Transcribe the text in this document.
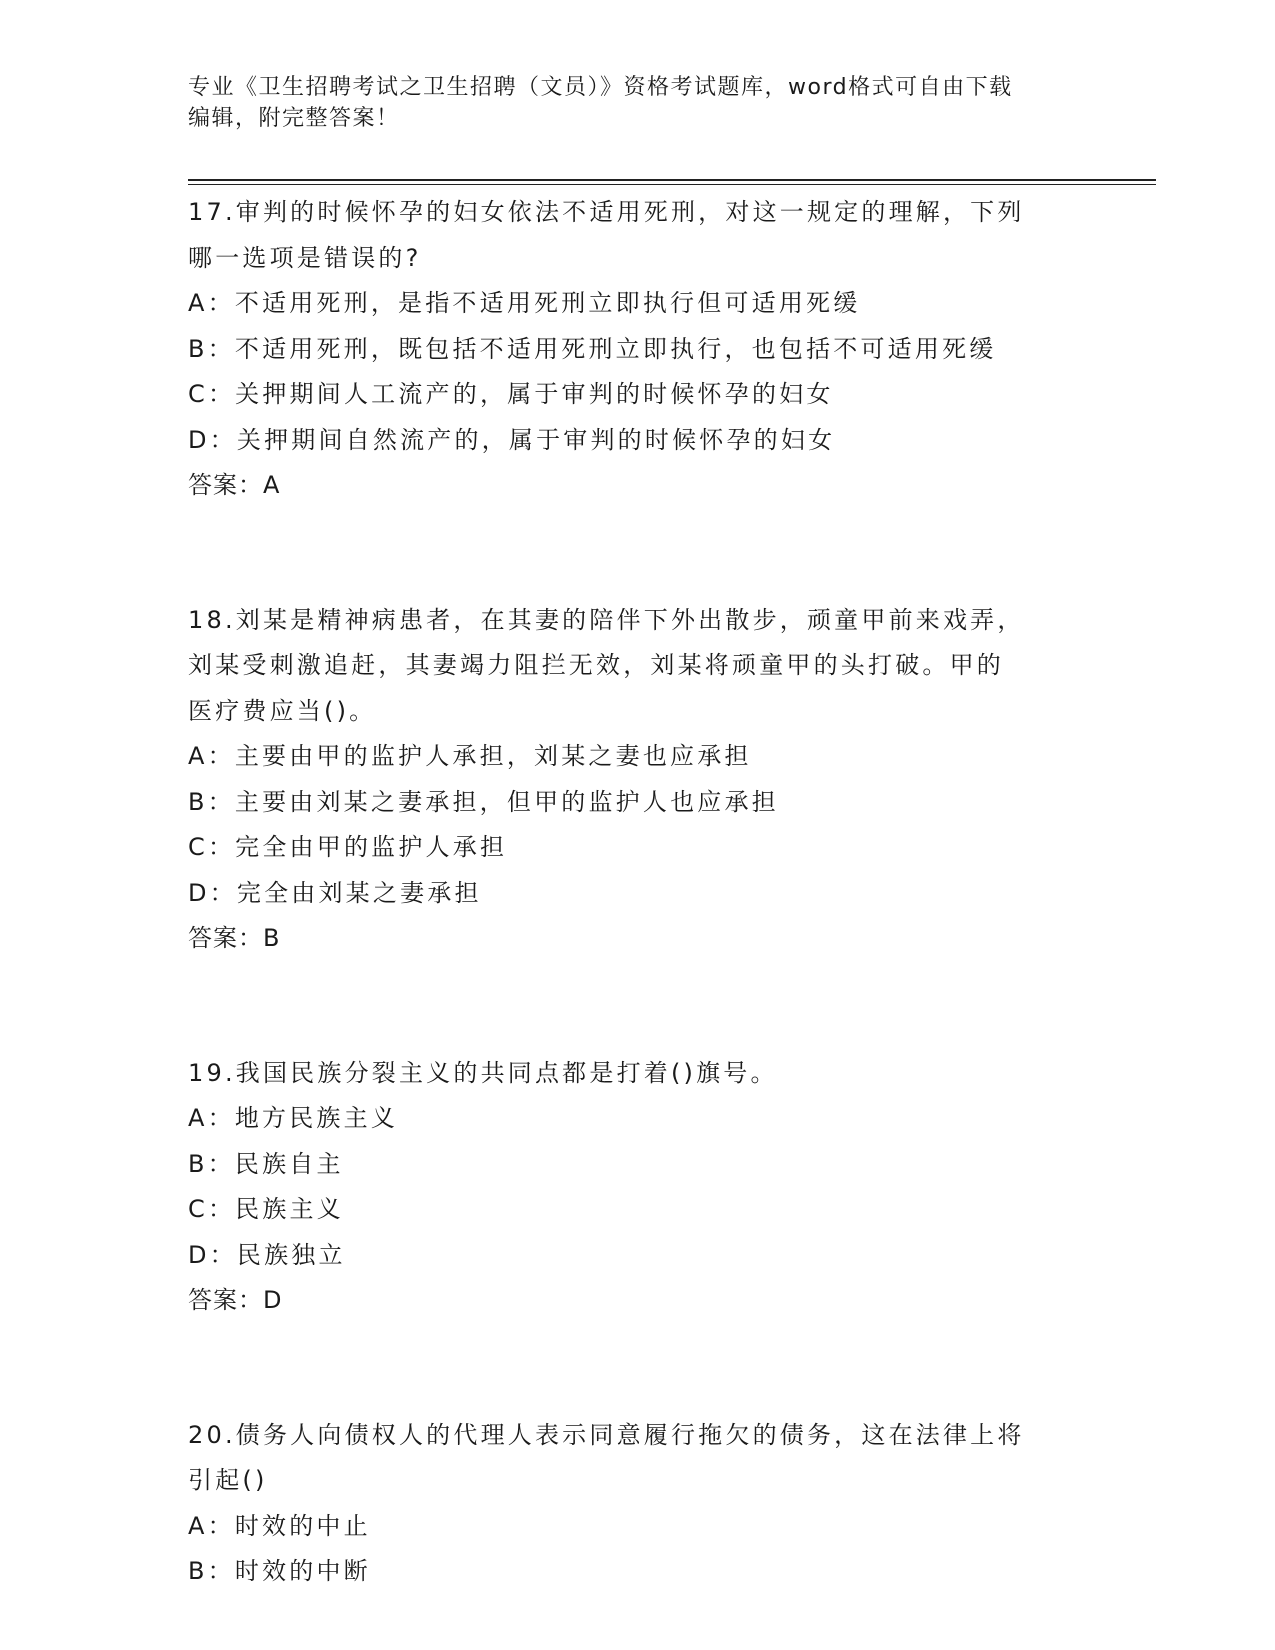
专业《卫生招聘考试之卫生招聘（文员）》资格考试题库，word格式可自由下载
编辑，附完整答案！
17.审判的时候怀孕的妇女依法不适用死刑，对这一规定的理解，下列
哪一选项是错误的?
A：不适用死刑，是指不适用死刑立即执行但可适用死缓
B：不适用死刑，既包括不适用死刑立即执行，也包括不可适用死缓
C：关押期间人工流产的，属于审判的时候怀孕的妇女
D：关押期间自然流产的，属于审判的时候怀孕的妇女
答案：A
18.刘某是精神病患者，在其妻的陪伴下外出散步，顽童甲前来戏弄，
刘某受刺激追赶，其妻竭力阻拦无效，刘某将顽童甲的头打破。甲的
医疗费应当()。
A：主要由甲的监护人承担，刘某之妻也应承担
B：主要由刘某之妻承担，但甲的监护人也应承担
C：完全由甲的监护人承担
D：完全由刘某之妻承担
答案：B
19.我国民族分裂主义的共同点都是打着()旗号。
A：地方民族主义
B：民族自主
C：民族主义
D：民族独立
答案：D
20.债务人向债权人的代理人表示同意履行拖欠的债务，这在法律上将
引起()
A：时效的中止
B：时效的中断
